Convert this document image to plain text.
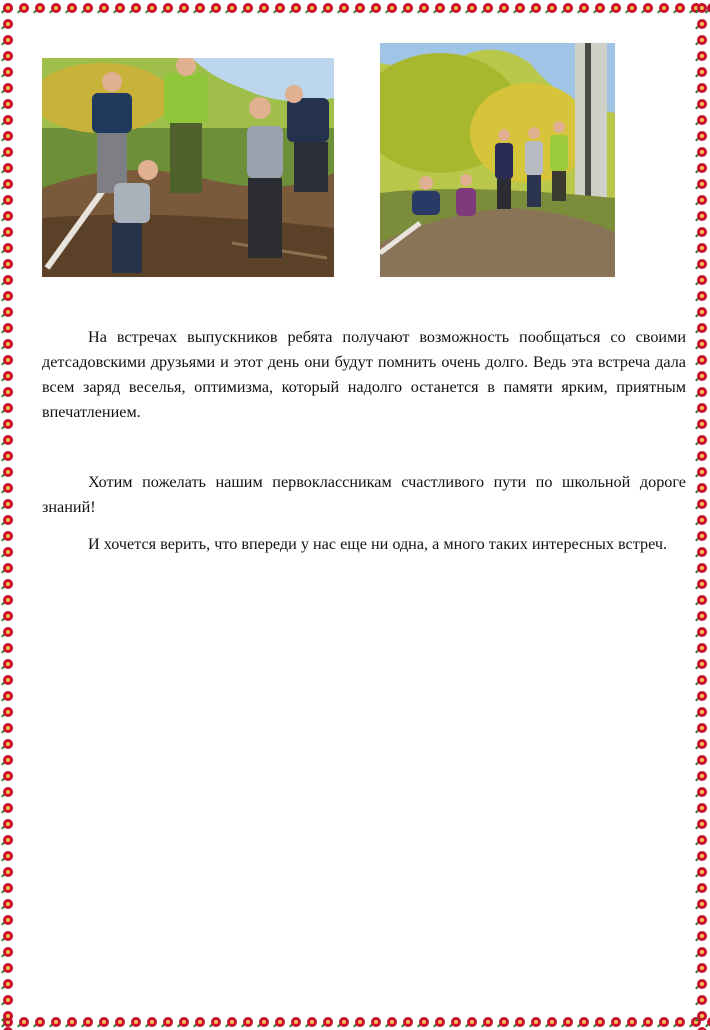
На встречах выпускников ребята получают возможность пообщаться со своими детсадовскими друзьями и этот день они будут помнить очень долго. Ведь эта встреча дала всем заряд веселья, оптимизма, который надолго останется в памяти ярким, приятным впечатлением.

Хотим пожелать нашим первоклассникам счастливого пути по школьной дороге знаний!

И хочется верить, что впереди у нас еще ни одна, а много таких интересных встреч.
